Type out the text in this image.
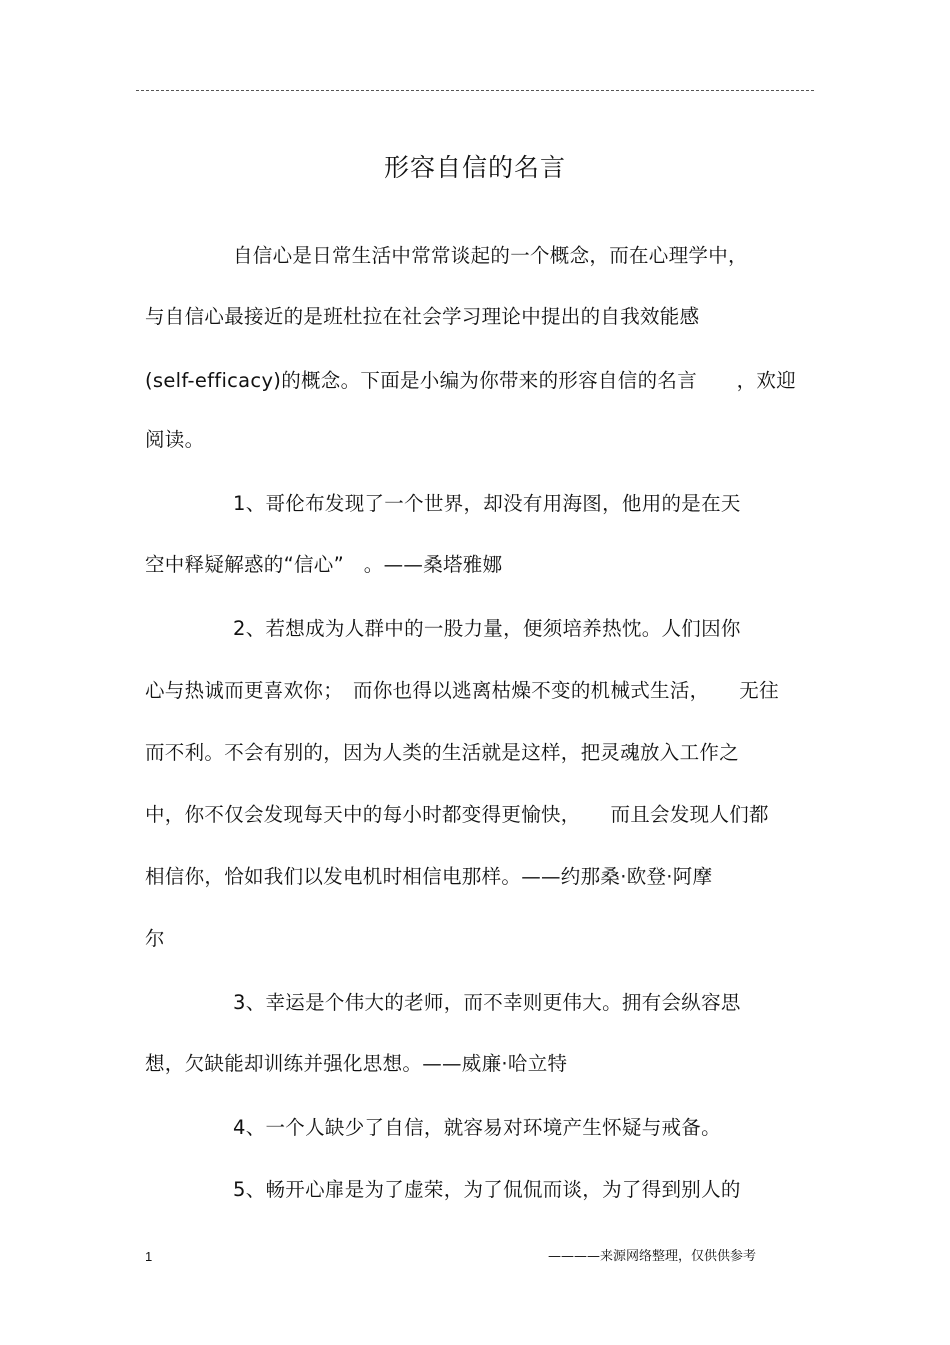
形容自信的名言
自信心是日常生活中常常谈起的一个概念，而在心理学中，
与自信心最接近的是班杜拉在社会学习理论中提出的自我效能感
(self-efficacy)的概念。下面是小编为你带来的形容自信的名言　　，欢迎
阅读。
1、哥伦布发现了一个世界，却没有用海图，他用的是在天
空中释疑解惑的“信心”　。——桑塔雅娜
2、若想成为人群中的一股力量，便须培养热忱。人们因你
心与热诚而更喜欢你；　而你也得以逃离枯燥不变的机械式生活，　　无往
而不利。不会有别的，因为人类的生活就是这样，把灵魂放入工作之
中，你不仅会发现每天中的每小时都变得更愉快，　　而且会发现人们都
相信你，恰如我们以发电机时相信电那样。——约那桑·欧登·阿摩
尔
3、幸运是个伟大的老师，而不幸则更伟大。拥有会纵容思
想，欠缺能却训练并强化思想。——威廉·哈立特
4、一个人缺少了自信，就容易对环境产生怀疑与戒备。
5、畅开心扉是为了虚荣，为了侃侃而谈，为了得到别人的
1	————来源网络整理，仅供供参考
